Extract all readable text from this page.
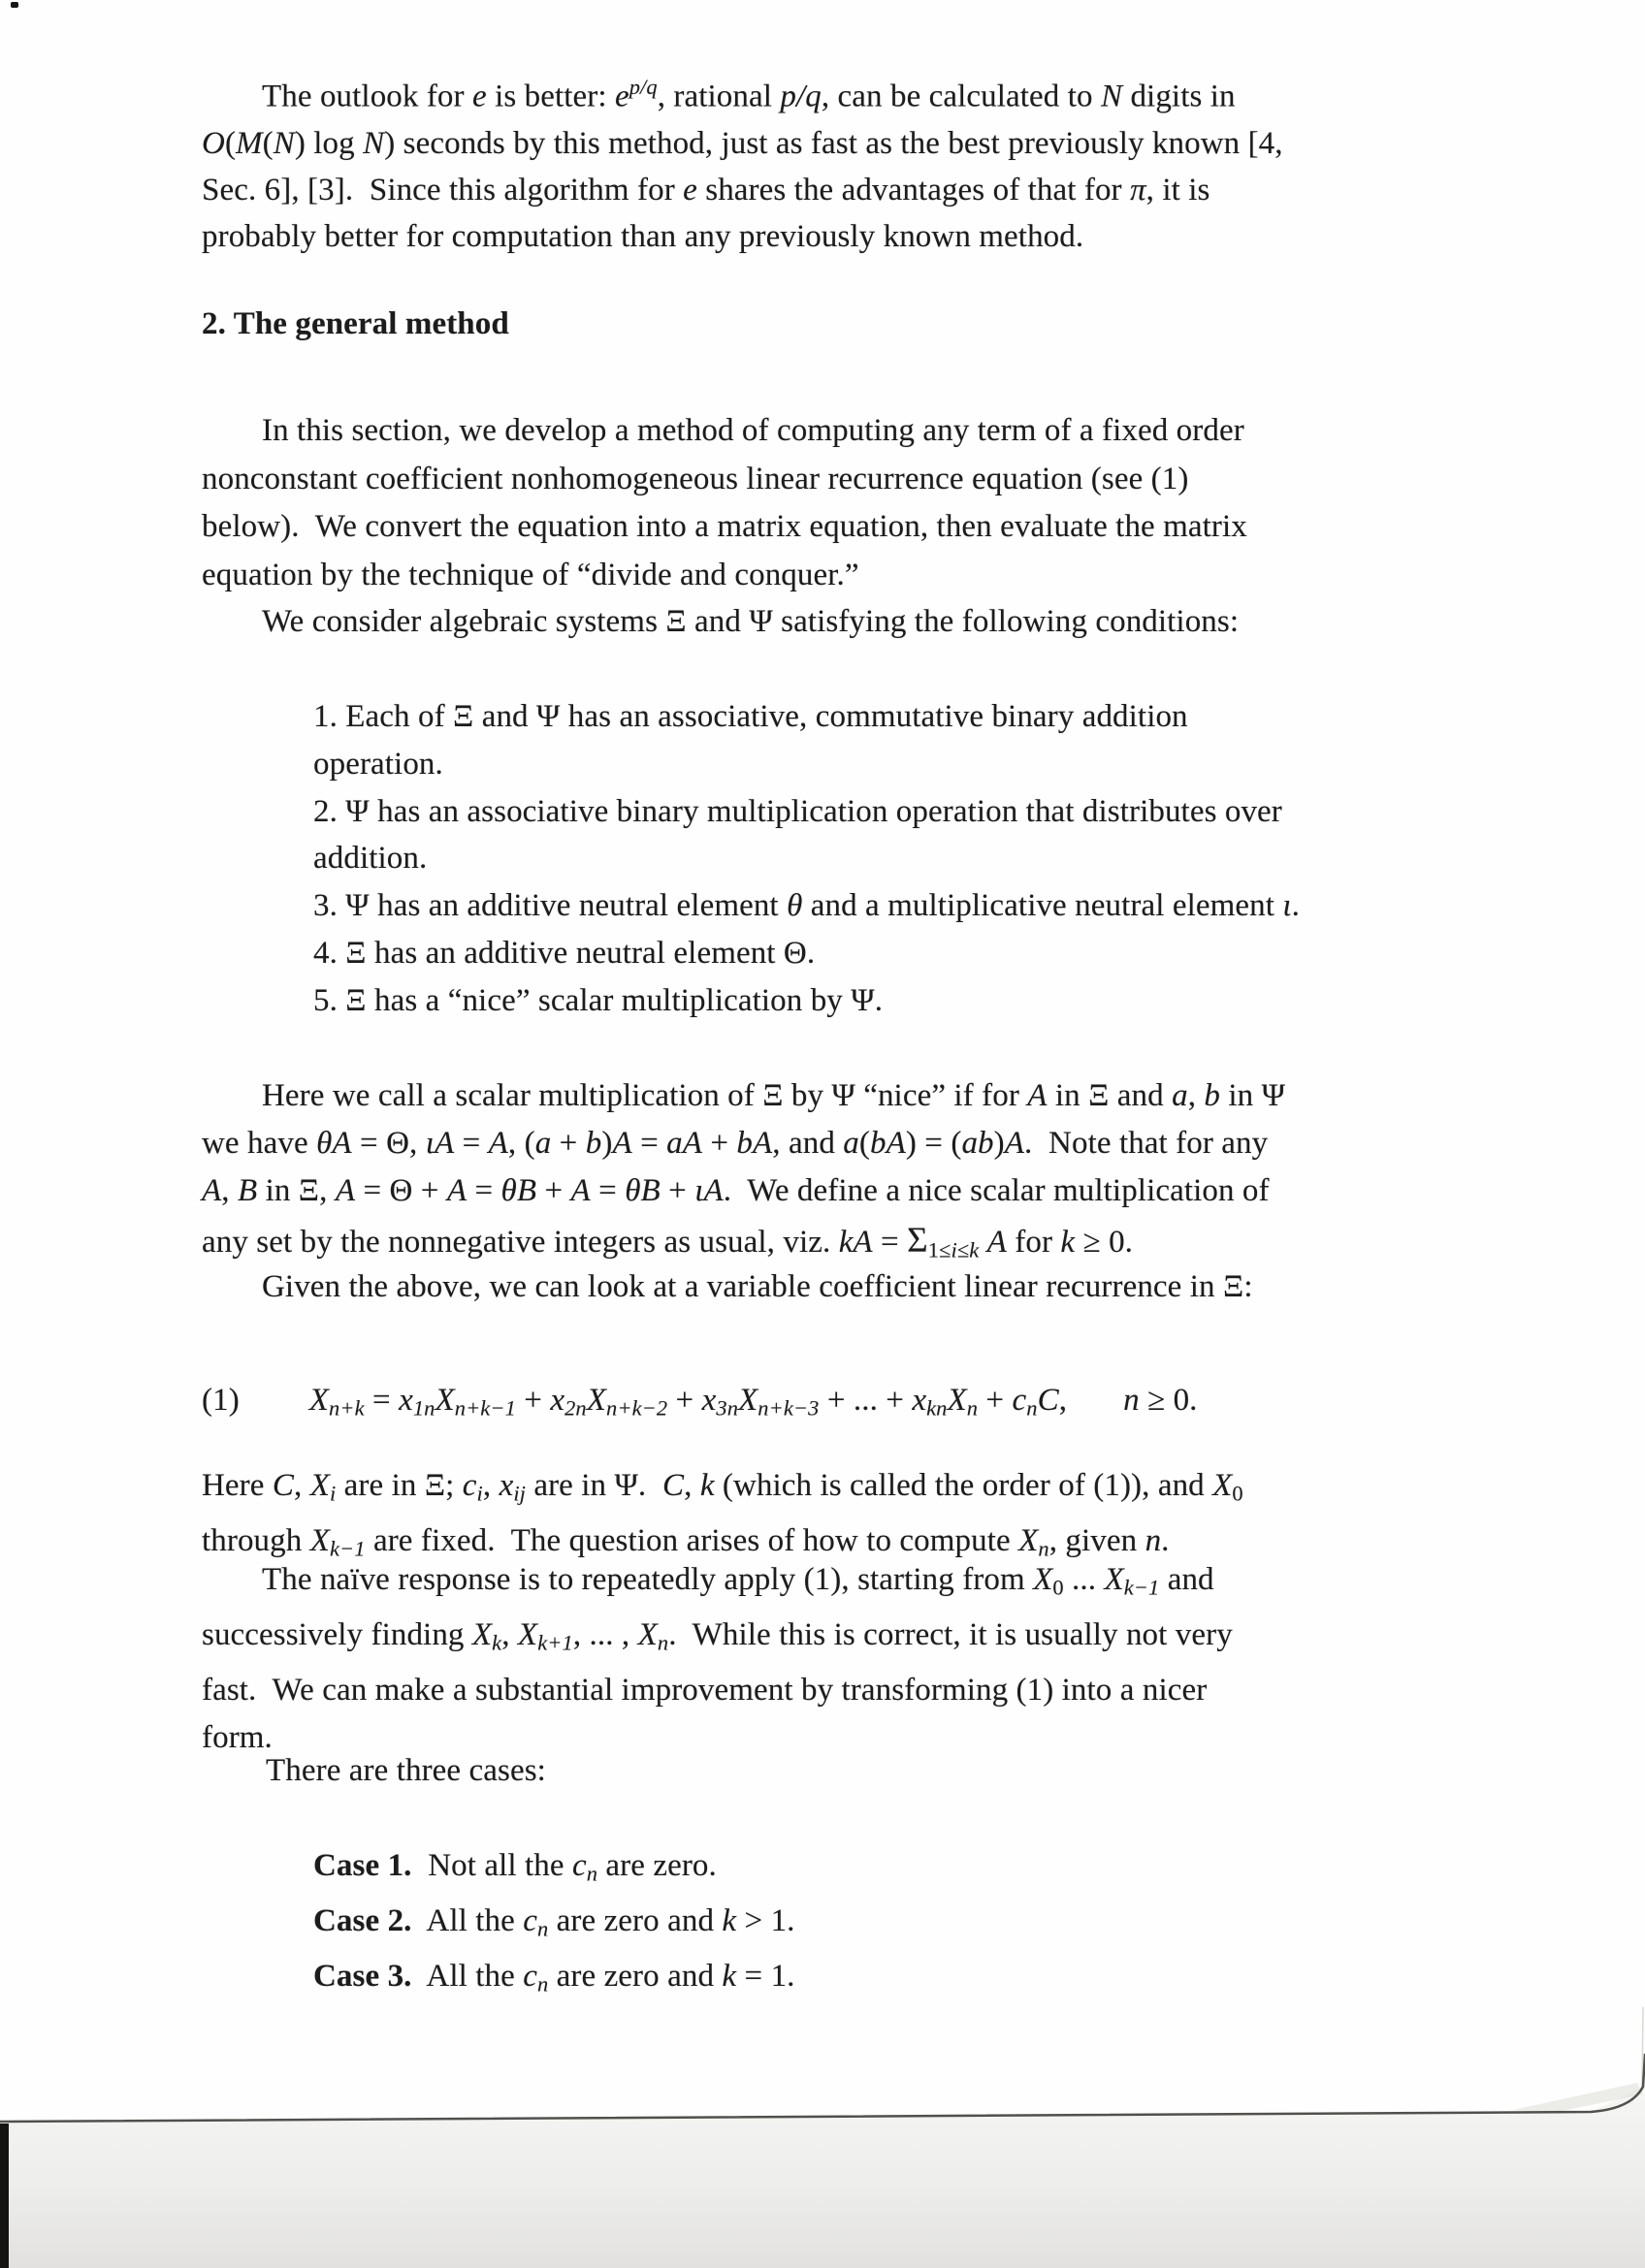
The outlook for e is better: $e^{p/q}$, rational p/q, can be calculated to N digits in
O(M(N) log N) seconds by this method, just as fast as the best previously known [4,
Sec. 6], [3].  Since this algorithm for e shares the advantages of that for π, it is
probably better for computation than any previously known method.
2. The general method
In this section, we develop a method of computing any term of a fixed order
nonconstant coefficient nonhomogeneous linear recurrence equation (see (1)
below).  We convert the equation into a matrix equation, then evaluate the matrix
equation by the technique of “divide and conquer.”
We consider algebraic systems Ξ and Ψ satisfying the following conditions:
1. Each of Ξ and Ψ has an associative, commutative binary addition
operation.
2. Ψ has an associative binary multiplication operation that distributes over
addition.
3. Ψ has an additive neutral element θ and a multiplicative neutral element ι.
4. Ξ has an additive neutral element Θ.
5. Ξ has a “nice” scalar multiplication by Ψ.
Here we call a scalar multiplication of Ξ by Ψ “nice” if for A in Ξ and a, b in Ψ
we have θA = Θ, ιA = A, (a + b)A = aA + bA, and a(bA) = (ab)A.  Note that for any
A, B in Ξ, A = Θ + A = θB + A = θB + ιA.  We define a nice scalar multiplication of
any set by the nonnegative integers as usual, viz. kA = $\Sigma_{1\le i\le k}$ A for k ≥ 0.
Given the above, we can look at a variable coefficient linear recurrence in Ξ:
(1) $X_{n+k} = x_{1n}X_{n+k-1} + x_{2n}X_{n+k-2} + x_{3n}X_{n+k-3}$ + ... + $x_{kn}X_n + c_nC$, n ≥ 0.
Here C, $X_i$ are in Ξ; $c_i$, $x_{ij}$ are in Ψ.  C, k (which is called the order of (1)), and $X_0$
through $X_{k-1}$ are fixed.  The question arises of how to compute $X_n$, given n.
The naïve response is to repeatedly apply (1), starting from $X_0$ ... $X_{k-1}$ and
successively finding $X_k$, $X_{k+1}$, ... , $X_n$.  While this is correct, it is usually not very
fast.  We can make a substantial improvement by transforming (1) into a nicer
form.
There are three cases:
Case 1.  Not all the $c_n$ are zero.
Case 2.  All the $c_n$ are zero and k > 1.
Case 3.  All the $c_n$ are zero and k = 1.
